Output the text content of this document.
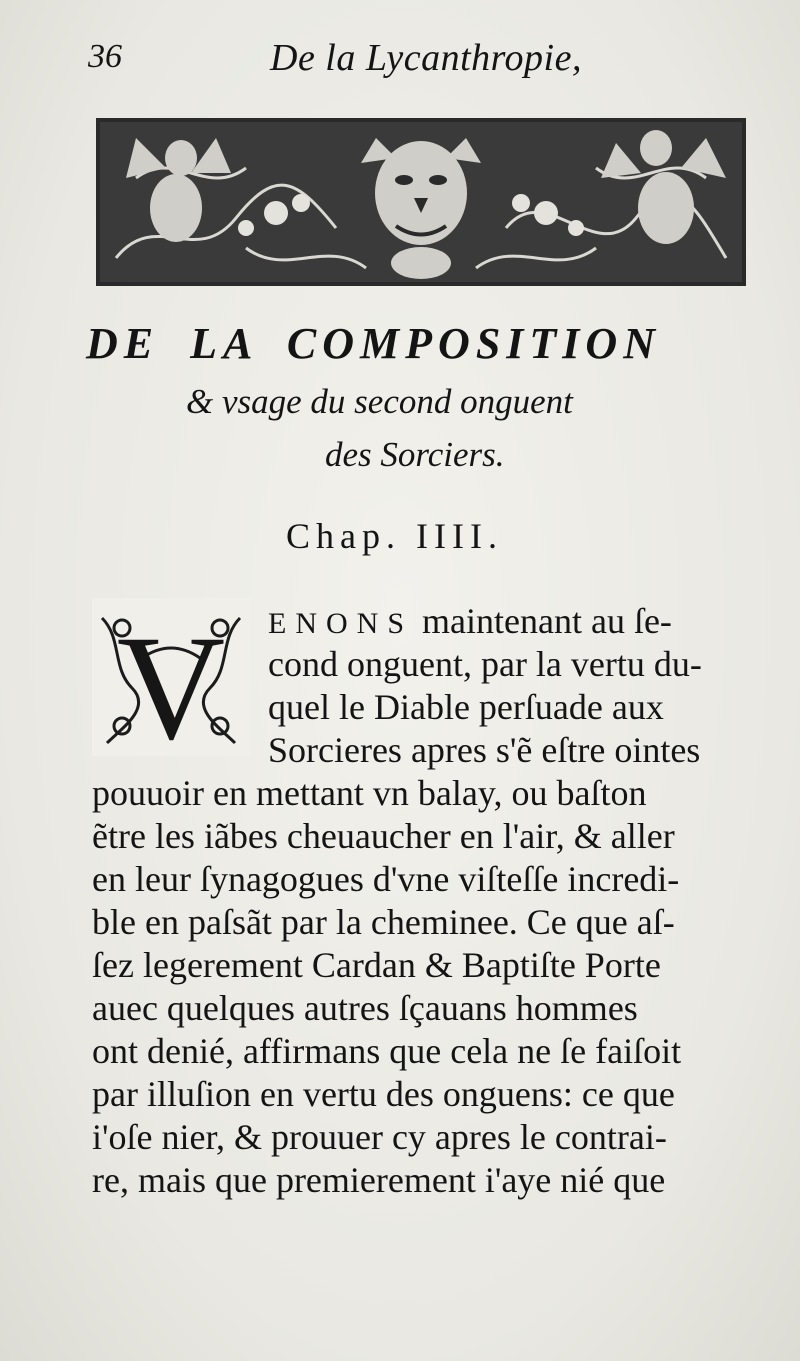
36	De la Lycanthropie,
DE LA COMPOSITION
& vsage du second onguent
des Sorciers.
Chap. IIII.
V	ENONS maintenant au ſe-
cond onguent, par la vertu du-
quel le Diable perſuade aux
Sorcieres apres s'ẽ eſtre ointes
pouuoir en mettant vn balay, ou baſton
ẽtre les iãbes cheuaucher en l'air, & aller
en leur ſynagogues d'vne viſteſſe incredi-
ble en paſsãt par la cheminee. Ce que aſ-
ſez legerement Cardan & Baptiſte Porte
auec quelques autres ſçauans hommes
ont denié, affirmans que cela ne ſe faiſoit
par illuſion en vertu des onguens: ce que
i'oſe nier, & prouuer cy apres le contrai-
re, mais que premierement i'aye nié que
